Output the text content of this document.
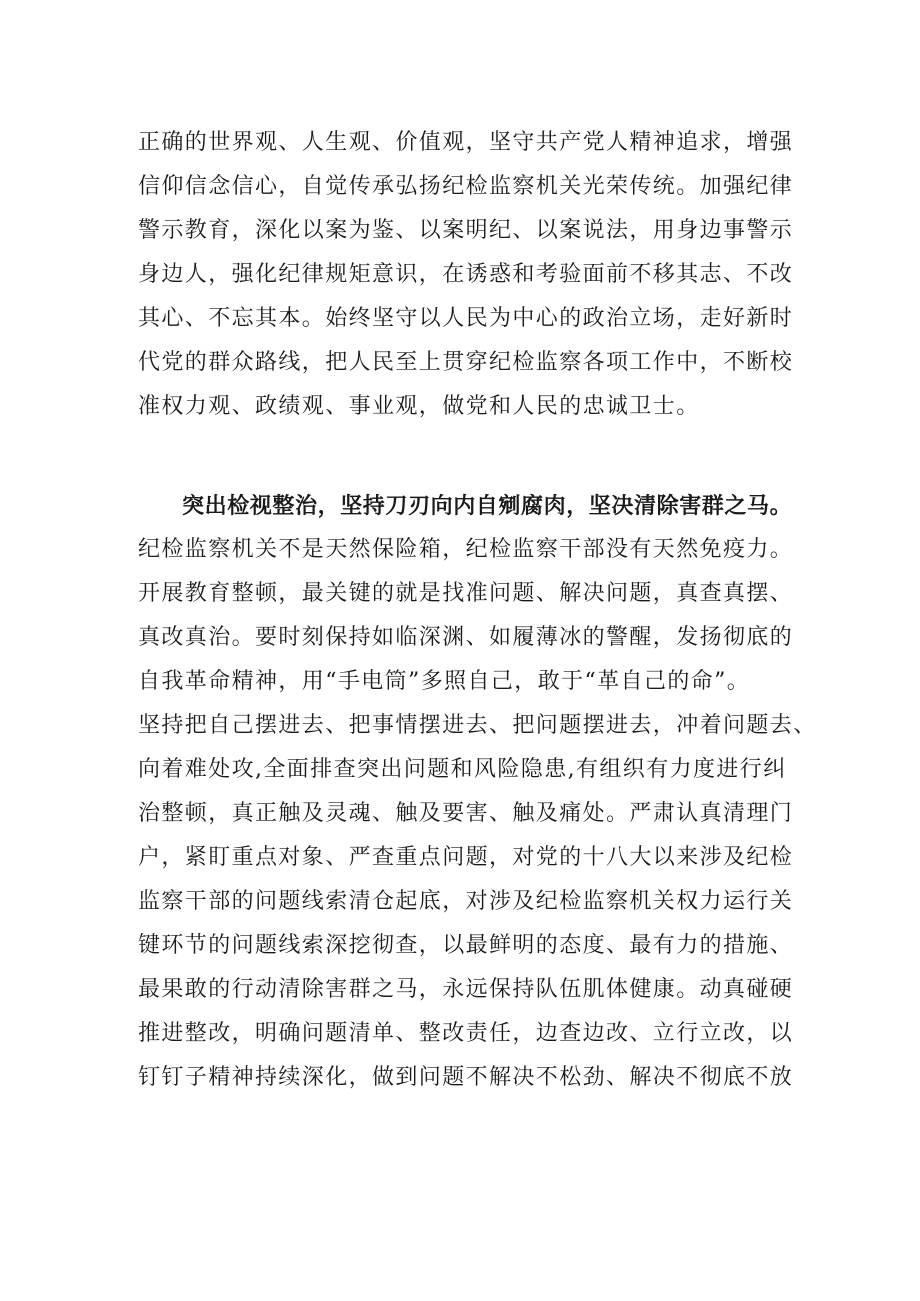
正确的世界观、人生观、价值观，坚守共产党人精神追求，增强
信仰信念信心，自觉传承弘扬纪检监察机关光荣传统。加强纪律
警示教育，深化以案为鉴、以案明纪、以案说法，用身边事警示
身边人，强化纪律规矩意识，在诱惑和考验面前不移其志、不改
其心、不忘其本。始终坚守以人民为中心的政治立场，走好新时
代党的群众路线，把人民至上贯穿纪检监察各项工作中，不断校
准权力观、政绩观、事业观，做党和人民的忠诚卫士。
突出检视整治，坚持刀刃向内自剜腐肉，坚决清除害群之马。
纪检监察机关不是天然保险箱，纪检监察干部没有天然免疫力。
开展教育整顿，最关键的就是找准问题、解决问题，真查真摆、
真改真治。要时刻保持如临深渊、如履薄冰的警醒，发扬彻底的
自我革命精神，用“手电筒”多照自己，敢于“革自己的命”。
坚持把自己摆进去、把事情摆进去、把问题摆进去，冲着问题去、
向着难处攻,全面排查突出问题和风险隐患,有组织有力度进行纠
治整顿，真正触及灵魂、触及要害、触及痛处。严肃认真清理门
户，紧盯重点对象、严查重点问题，对党的十八大以来涉及纪检
监察干部的问题线索清仓起底，对涉及纪检监察机关权力运行关
键环节的问题线索深挖彻查，以最鲜明的态度、最有力的措施、
最果敢的行动清除害群之马，永远保持队伍肌体健康。动真碰硬
推进整改，明确问题清单、整改责任，边查边改、立行立改，以
钉钉子精神持续深化，做到问题不解决不松劲、解决不彻底不放
